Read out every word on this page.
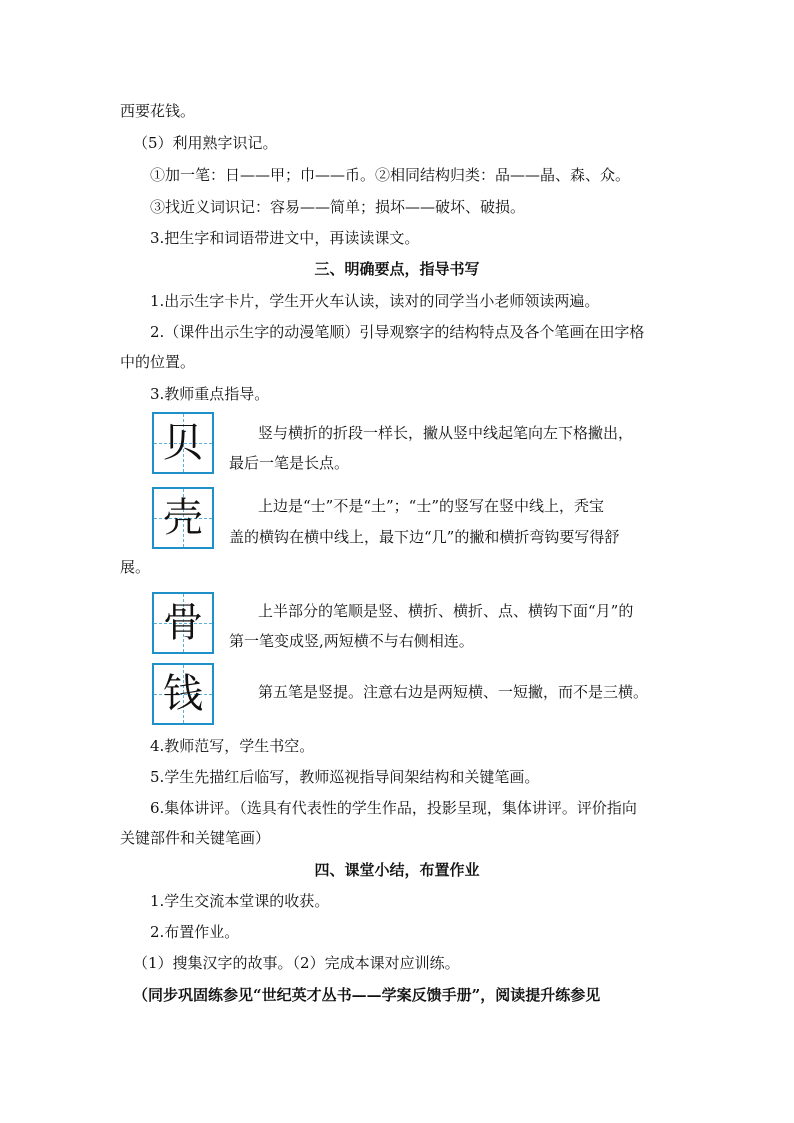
西要花钱。
（5）利用熟字识记。
①加一笔：日——甲；巾——币。②相同结构归类：品——晶、森、众。
③找近义词识记：容易——简单；损坏——破坏、破损。
3.把生字和词语带进文中，再读读课文。
三、明确要点，指导书写
1.出示生字卡片，学生开火车认读，读对的同学当小老师领读两遍。
2.（课件出示生字的动漫笔顺）引导观察字的结构特点及各个笔画在田字格
中的位置。
3.教师重点指导。
贝	竖与横折的折段一样长，撇从竖中线起笔向左下格撇出，
最后一笔是长点。
壳	上边是“士”不是“土”；“士”的竖写在竖中线上，秃宝
盖的横钩在横中线上，最下边“几”的撇和横折弯钩要写得舒
展。
骨	上半部分的笔顺是竖、横折、横折、点、横钩下面“月”的
第一笔变成竖,两短横不与右侧相连。
钱	第五笔是竖提。注意右边是两短横、一短撇，而不是三横。
4.教师范写，学生书空。
5.学生先描红后临写，教师巡视指导间架结构和关键笔画。
6.集体讲评。（选具有代表性的学生作品，投影呈现，集体讲评。评价指向
关键部件和关键笔画）
四、课堂小结，布置作业
1.学生交流本堂课的收获。
2.布置作业。
（1）搜集汉字的故事。（2）完成本课对应训练。
（同步巩固练参见“世纪英才丛书——学案反馈手册”，阅读提升练参见
